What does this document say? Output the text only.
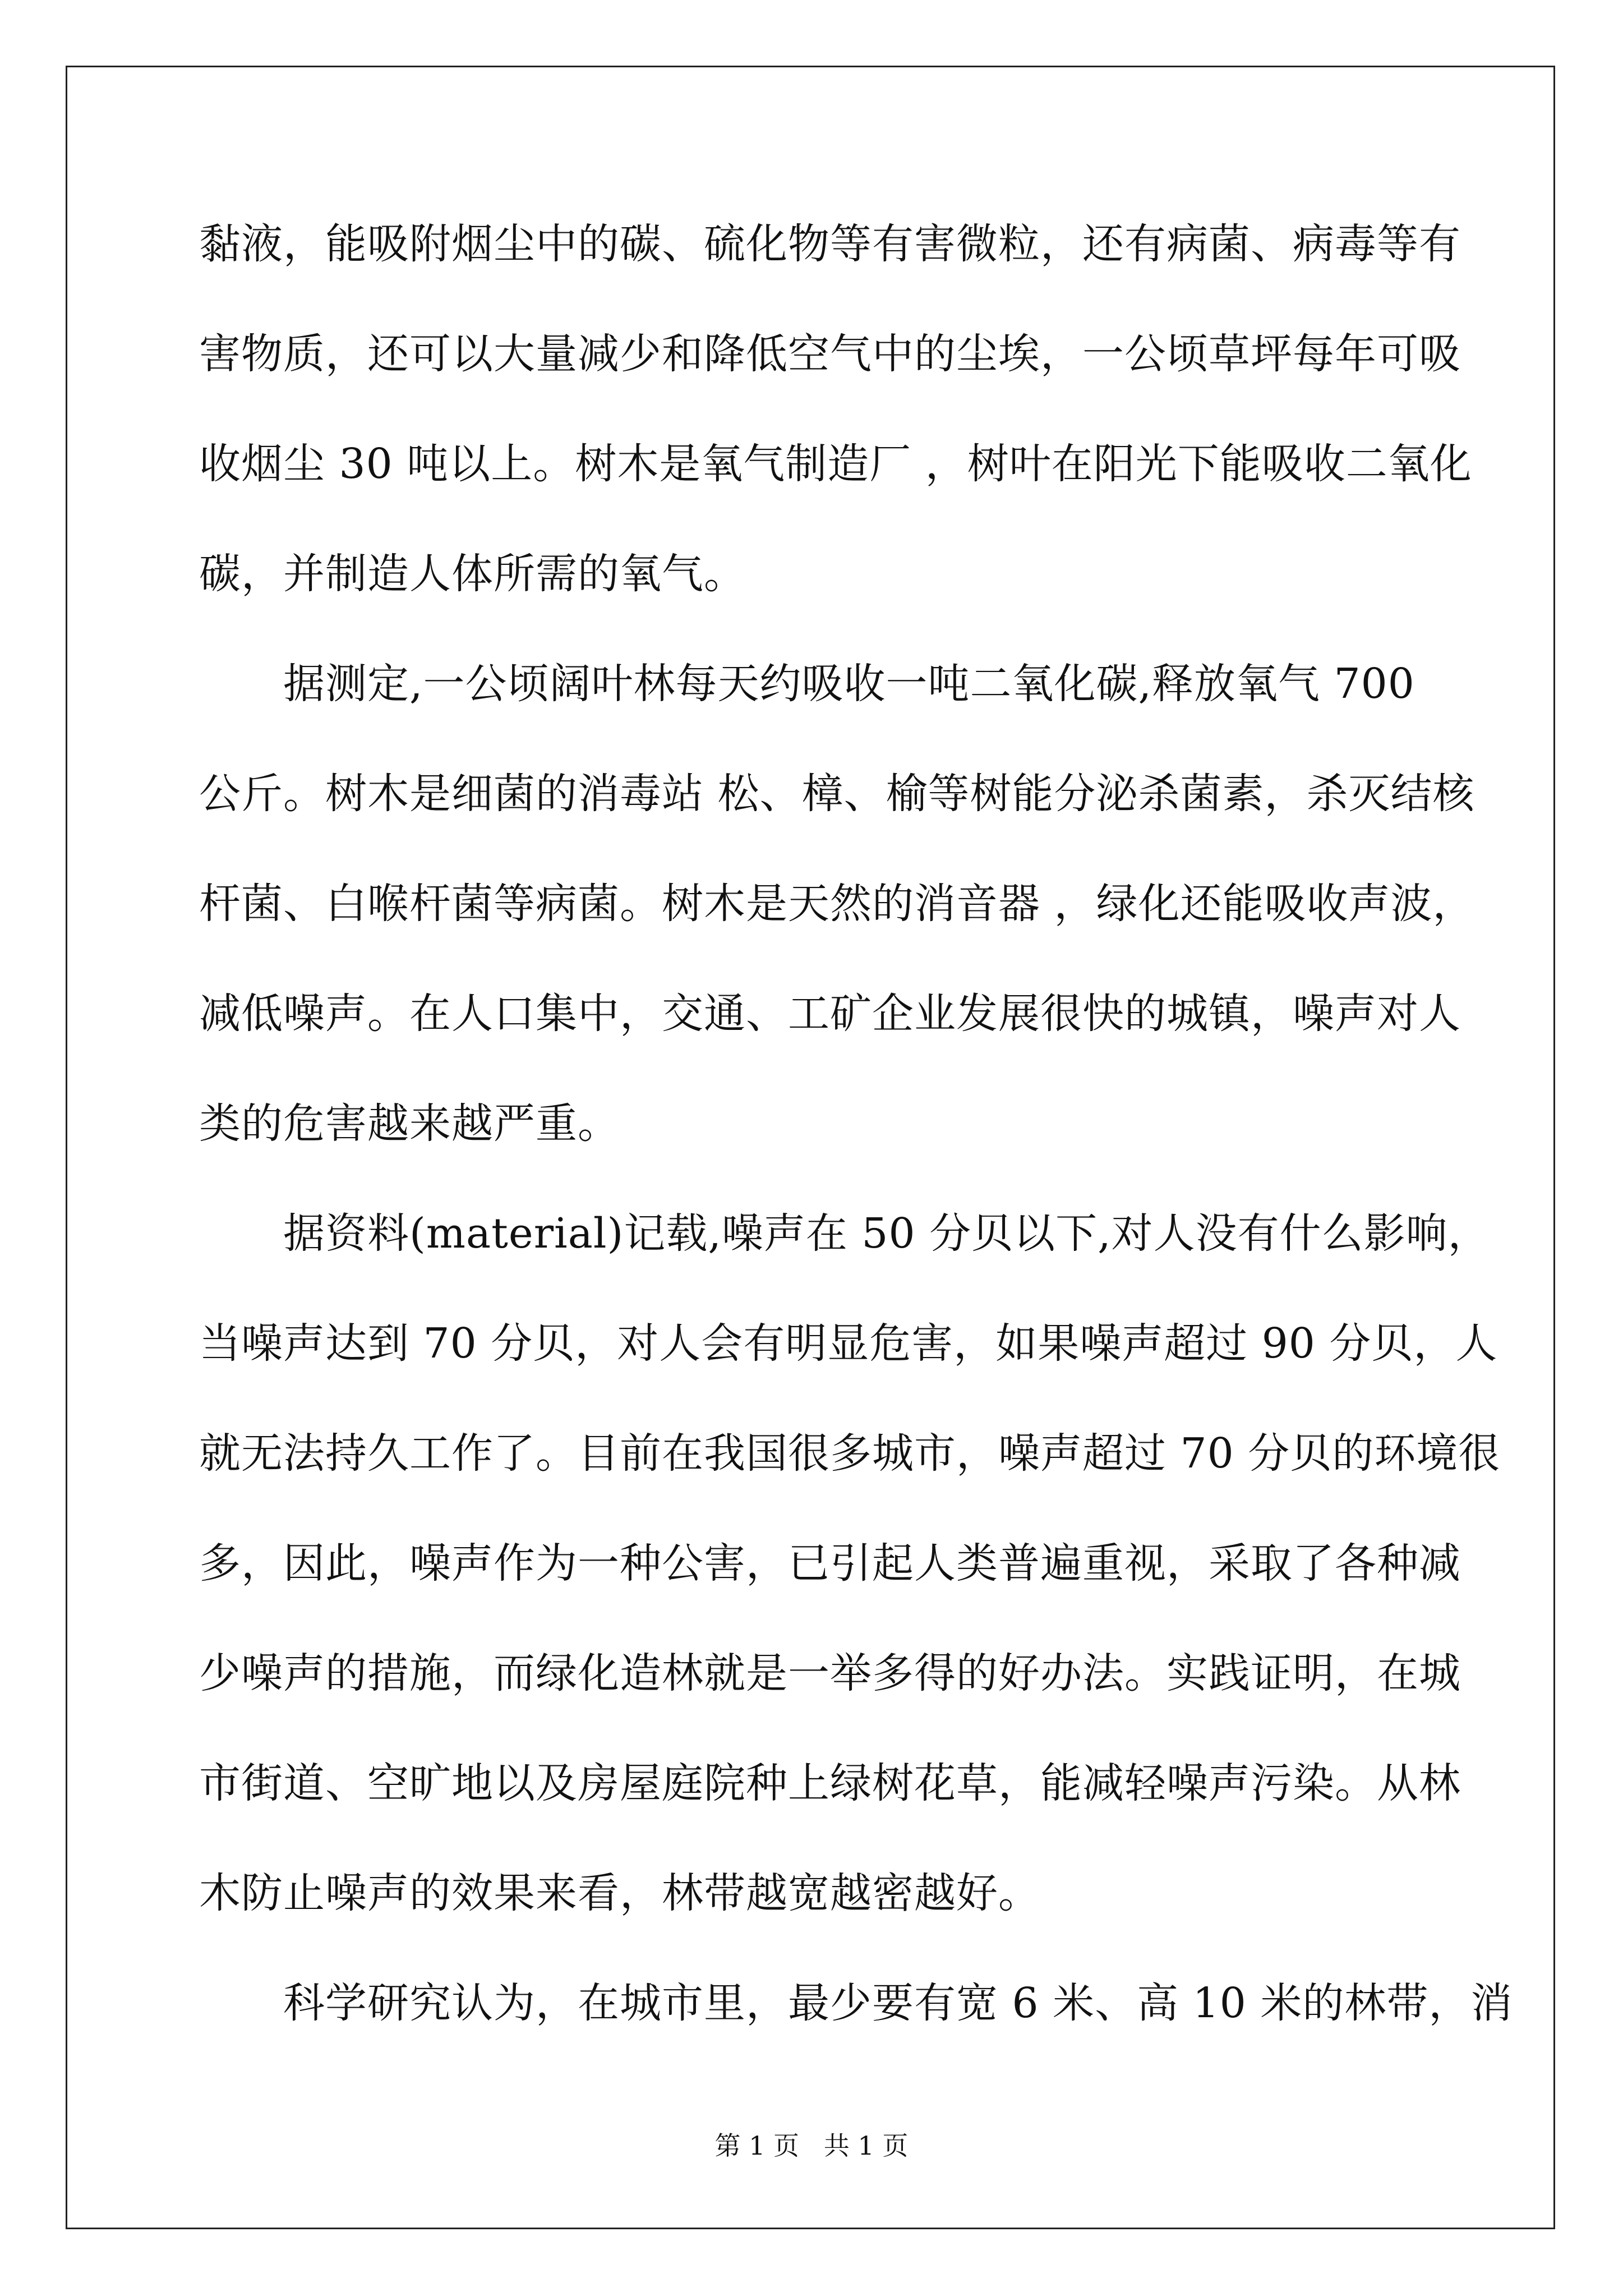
黏液，能吸附烟尘中的碳、硫化物等有害微粒，还有病菌、病毒等有
害物质，还可以大量减少和降低空气中的尘埃，一公顷草坪每年可吸
收烟尘 30 吨以上。树木是氧气制造厂 ，树叶在阳光下能吸收二氧化
碳，并制造人体所需的氧气。
据测定,一公顷阔叶林每天约吸收一吨二氧化碳,释放氧气 700
公斤。树木是细菌的消毒站 松、樟、榆等树能分泌杀菌素，杀灭结核
杆菌、白喉杆菌等病菌。树木是天然的消音器 ，绿化还能吸收声波，
减低噪声。在人口集中，交通、工矿企业发展很快的城镇，噪声对人
类的危害越来越严重。
据资料(material)记载,噪声在 50 分贝以下,对人没有什么影响，
当噪声达到 70 分贝，对人会有明显危害，如果噪声超过 90 分贝，人
就无法持久工作了。目前在我国很多城市，噪声超过 70 分贝的环境很
多，因此，噪声作为一种公害，已引起人类普遍重视，采取了各种减
少噪声的措施，而绿化造林就是一举多得的好办法。实践证明，在城
市街道、空旷地以及房屋庭院种上绿树花草，能减轻噪声污染。从林
木防止噪声的效果来看，林带越宽越密越好。
科学研究认为，在城市里，最少要有宽 6 米、高 10 米的林带，消
第 1 页   共 1 页
